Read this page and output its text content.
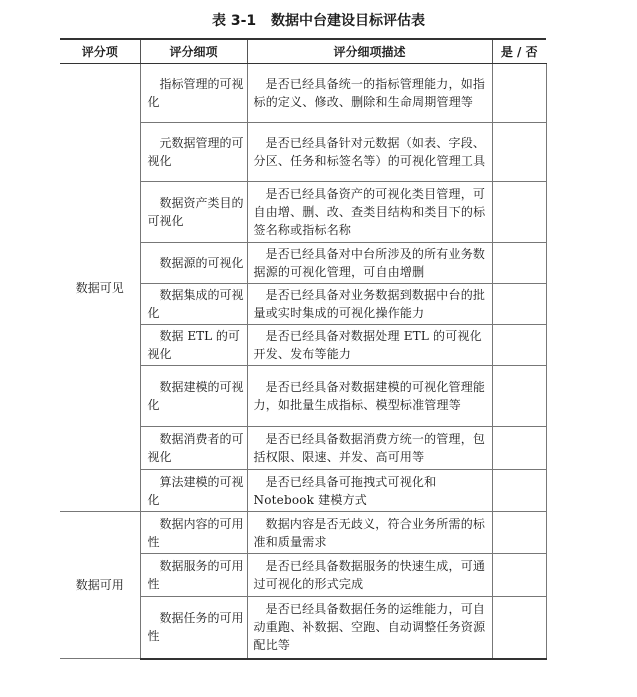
表 3-1 数据中台建设目标评估表
评分项	评分细项	评分细项描述	是 / 否
数据可见	指标管理的可视化	是否已经具备统一的指标管理能力，如指标的定义、修改、删除和生命周期管理等	
	元数据管理的可视化	是否已经具备针对元数据（如表、字段、分区、任务和标签名等）的可视化管理工具	
	数据资产类目的可视化	是否已经具备资产的可视化类目管理，可自由增、删、改、查类目结构和类目下的标签名称或指标名称	
	数据源的可视化	是否已经具备对中台所涉及的所有业务数据源的可视化管理，可自由增删	
	数据集成的可视化	是否已经具备对业务数据到数据中台的批量或实时集成的可视化操作能力	
	数据 ETL 的可视化	是否已经具备对数据处理 ETL 的可视化开发、发布等能力	
	数据建模的可视化	是否已经具备对数据建模的可视化管理能力，如批量生成指标、模型标准管理等	
	数据消费者的可视化	是否已经具备数据消费方统一的管理，包括权限、限速、并发、高可用等	
	算法建模的可视化	是否已经具备可拖拽式可视化和 Notebook 建模方式	
数据可用	数据内容的可用性	数据内容是否无歧义，符合业务所需的标准和质量需求	
	数据服务的可用性	是否已经具备数据服务的快速生成，可通过可视化的形式完成	
	数据任务的可用性	是否已经具备数据任务的运维能力，可自动重跑、补数据、空跑、自动调整任务资源配比等	
